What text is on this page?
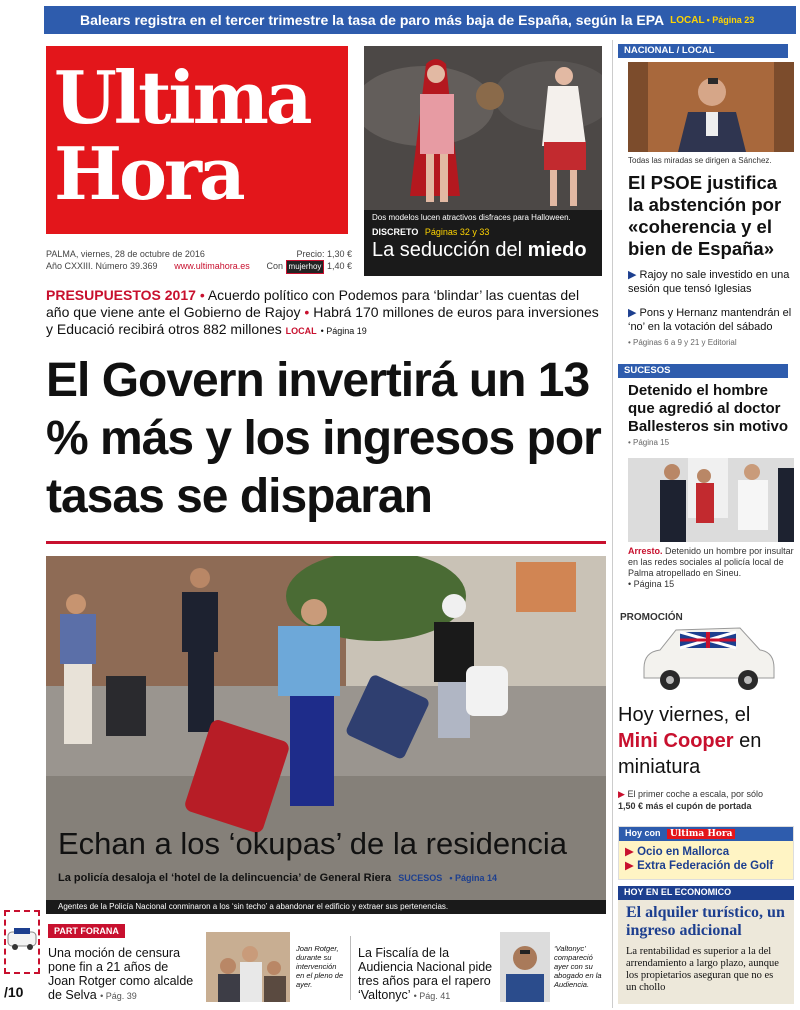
Balears registra en el tercer trimestre la tasa de paro más baja de España, según la EPA LOCAL • Página 23
Ultima
Hora
PALMA, viernes, 28 de octubre de 2016	Precio: 1,30 €
Año CXXIII. Número 39.369 www.ultimahora.es Con mujerhoy 1,40 €
Dos modelos lucen atractivos disfraces para Halloween.
DISCRETO Páginas 32 y 33
La seducción del miedo
PRESUPUESTOS 2017 • Acuerdo político con Podemos para ‘blindar’ las cuentas del año que viene ante el Gobierno de Rajoy • Habrá 170 millones de euros para inversiones y Educació recibirá otros 882 millones LOCAL • Página 19
El Govern invertirá un 13 % más y los ingresos por tasas se disparan
Echan a los ‘okupas’ de la residencia
La policía desaloja el ‘hotel de la delincuencia’ de General Riera SUCESOS • Página 14
Agentes de la Policía Nacional conminaron a los ‘sin techo’ a abandonar el edificio y extraer sus pertenencias.
/10
PART FORANA
Una moción de censura pone fin a 21 años de Joan Rotger como alcalde de Selva • Pág. 39
Joan Rotger, durante su intervención en el pleno de ayer.
La Fiscalía de la Audiencia Nacional pide tres años para el rapero ‘Valtonyc’ • Pág. 41
‘Valtonyc’ compareció ayer con su abogado en la Audiencia.
NACIONAL / LOCAL
Todas las miradas se dirigen a Sánchez.
El PSOE justifica la abstención por «coherencia y el bien de España»
▶ Rajoy no sale investido en una sesión que tensó Iglesias
▶ Pons y Hernanz mantendrán el ‘no’ en la votación del sábado
• Páginas 6 a 9 y 21 y Editorial
SUCESOS
Detenido el hombre que agredió al doctor Ballesteros sin motivo
• Página 15
Arresto. Detenido un hombre por insultar en las redes sociales al policía local de Palma atropellado en Sineu.
• Página 15
PROMOCIÓN
Hoy viernes, el
Mini Cooper en miniatura
▶ El primer coche a escala, por sólo
1,50 € más el cupón de portada
Hoy con Ultima Hora
▶ Ocio en Mallorca
▶ Extra Federación de Golf
HOY EN EL ECONOMICO
El alquiler turístico, un ingreso adicional
La rentabilidad es superior a la del arrendamiento a largo plazo, aunque los propietarios aseguran que no es un chollo
